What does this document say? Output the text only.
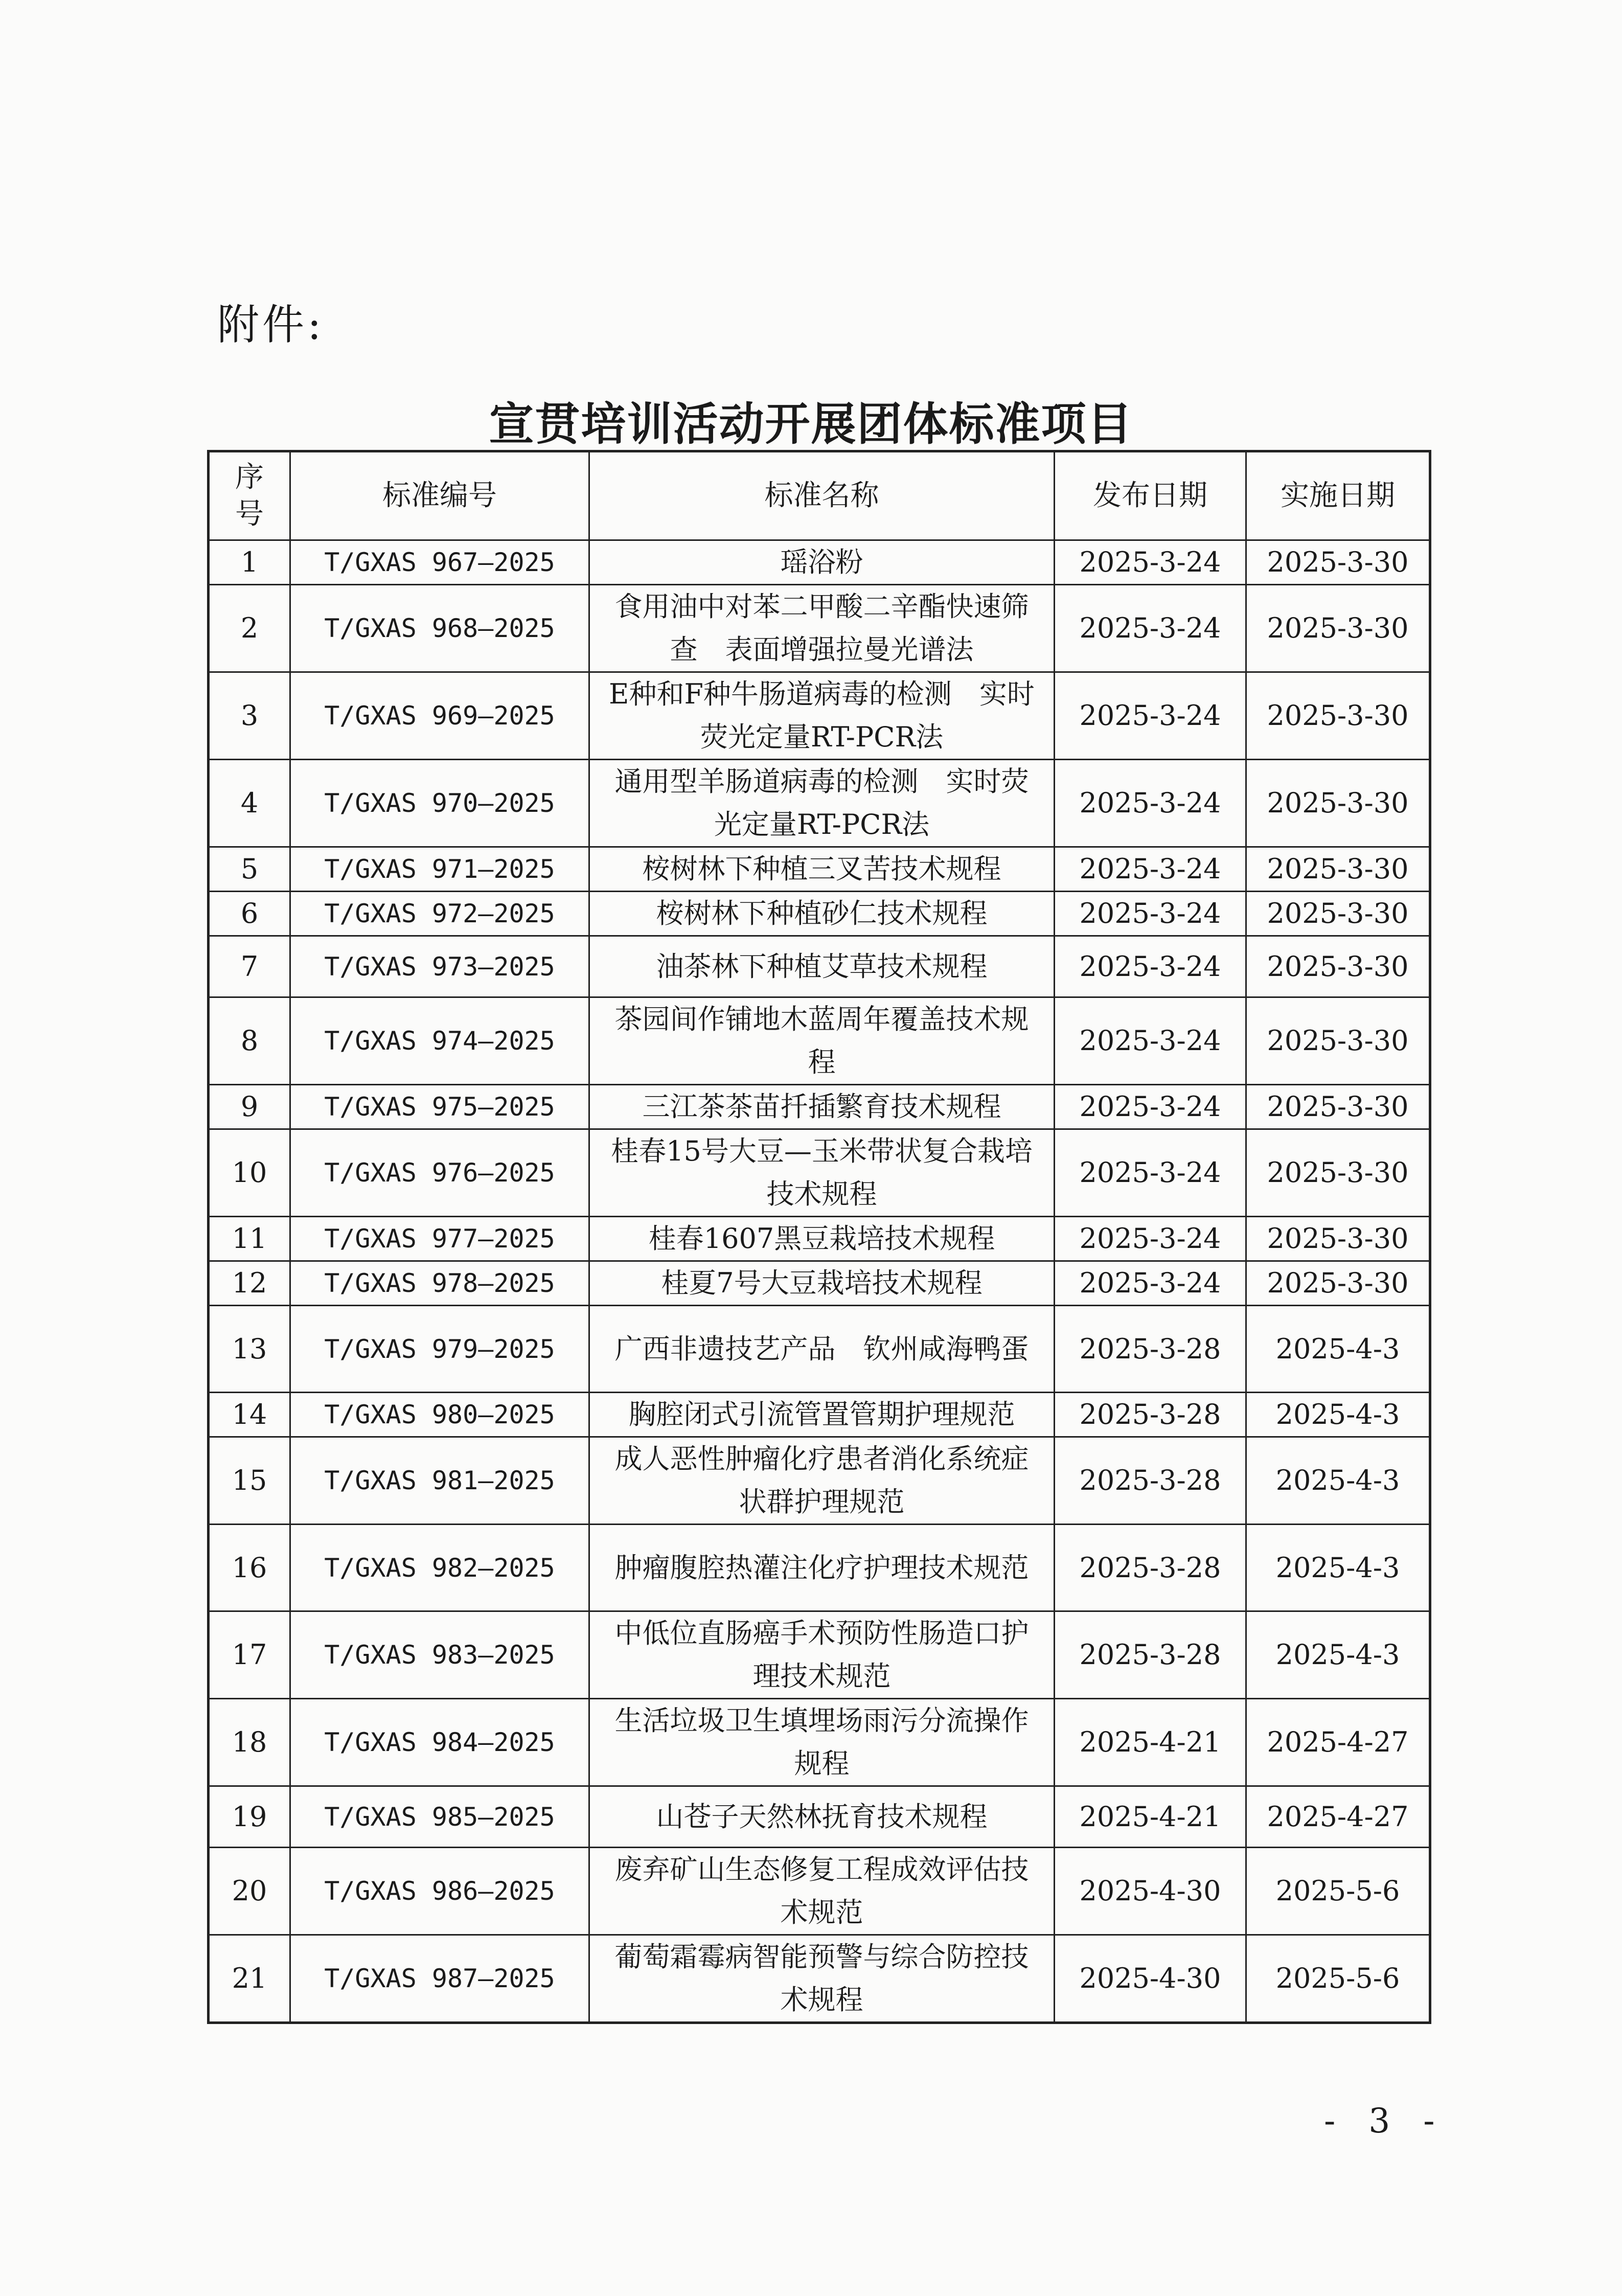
附件:
宣贯培训活动开展团体标准项目
序号	标准编号	标准名称	发布日期	实施日期
1	T/GXAS 967—2025	瑶浴粉	2025-3-24	2025-3-30
2	T/GXAS 968—2025	食用油中对苯二甲酸二辛酯快速筛查　表面增强拉曼光谱法	2025-3-24	2025-3-30
3	T/GXAS 969—2025	E种和F种牛肠道病毒的检测　实时荧光定量RT-PCR法	2025-3-24	2025-3-30
4	T/GXAS 970—2025	通用型羊肠道病毒的检测　实时荧光定量RT-PCR法	2025-3-24	2025-3-30
5	T/GXAS 971—2025	桉树林下种植三叉苦技术规程	2025-3-24	2025-3-30
6	T/GXAS 972—2025	桉树林下种植砂仁技术规程	2025-3-24	2025-3-30
7	T/GXAS 973—2025	油茶林下种植艾草技术规程	2025-3-24	2025-3-30
8	T/GXAS 974—2025	茶园间作铺地木蓝周年覆盖技术规程	2025-3-24	2025-3-30
9	T/GXAS 975—2025	三江茶茶苗扦插繁育技术规程	2025-3-24	2025-3-30
10	T/GXAS 976—2025	桂春15号大豆—玉米带状复合栽培技术规程	2025-3-24	2025-3-30
11	T/GXAS 977—2025	桂春1607黑豆栽培技术规程	2025-3-24	2025-3-30
12	T/GXAS 978—2025	桂夏7号大豆栽培技术规程	2025-3-24	2025-3-30
13	T/GXAS 979—2025	广西非遗技艺产品　钦州咸海鸭蛋	2025-3-28	2025-4-3
14	T/GXAS 980—2025	胸腔闭式引流管置管期护理规范	2025-3-28	2025-4-3
15	T/GXAS 981—2025	成人恶性肿瘤化疗患者消化系统症状群护理规范	2025-3-28	2025-4-3
16	T/GXAS 982—2025	肿瘤腹腔热灌注化疗护理技术规范	2025-3-28	2025-4-3
17	T/GXAS 983—2025	中低位直肠癌手术预防性肠造口护理技术规范	2025-3-28	2025-4-3
18	T/GXAS 984—2025	生活垃圾卫生填埋场雨污分流操作规程	2025-4-21	2025-4-27
19	T/GXAS 985—2025	山苍子天然林抚育技术规程	2025-4-21	2025-4-27
20	T/GXAS 986—2025	废弃矿山生态修复工程成效评估技术规范	2025-4-30	2025-5-6
21	T/GXAS 987—2025	葡萄霜霉病智能预警与综合防控技术规程	2025-4-30	2025-5-6
- 3 -
